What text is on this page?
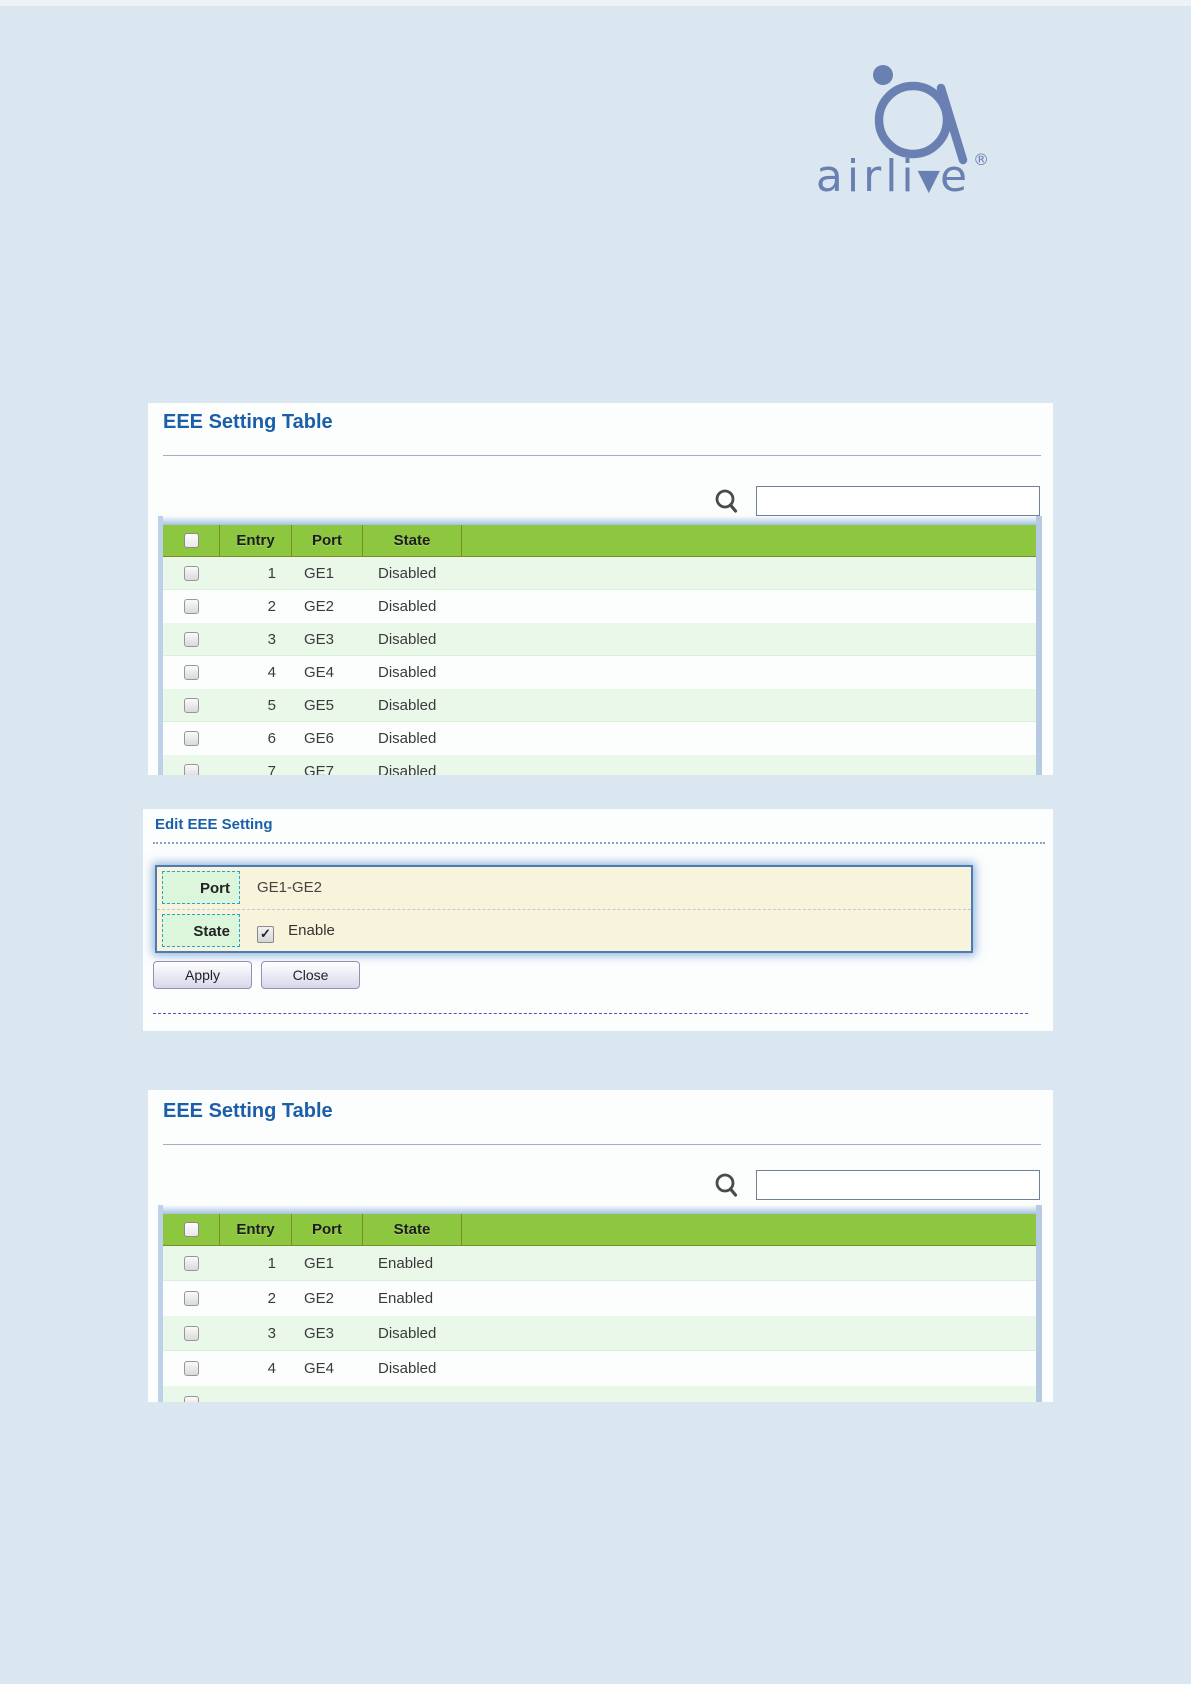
airli▼e ®
EEE Setting Table
Entry	Port	State
1	GE1	Disabled
2	GE2	Disabled
3	GE3	Disabled
4	GE4	Disabled
5	GE5	Disabled
6	GE6	Disabled
7	GE7	Disabled
Edit EEE Setting
Port	GE1-GE2
State	✓ Enable
Apply	Close
EEE Setting Table
Entry	Port	State
1	GE1	Enabled
2	GE2	Enabled
3	GE3	Disabled
4	GE4	Disabled
